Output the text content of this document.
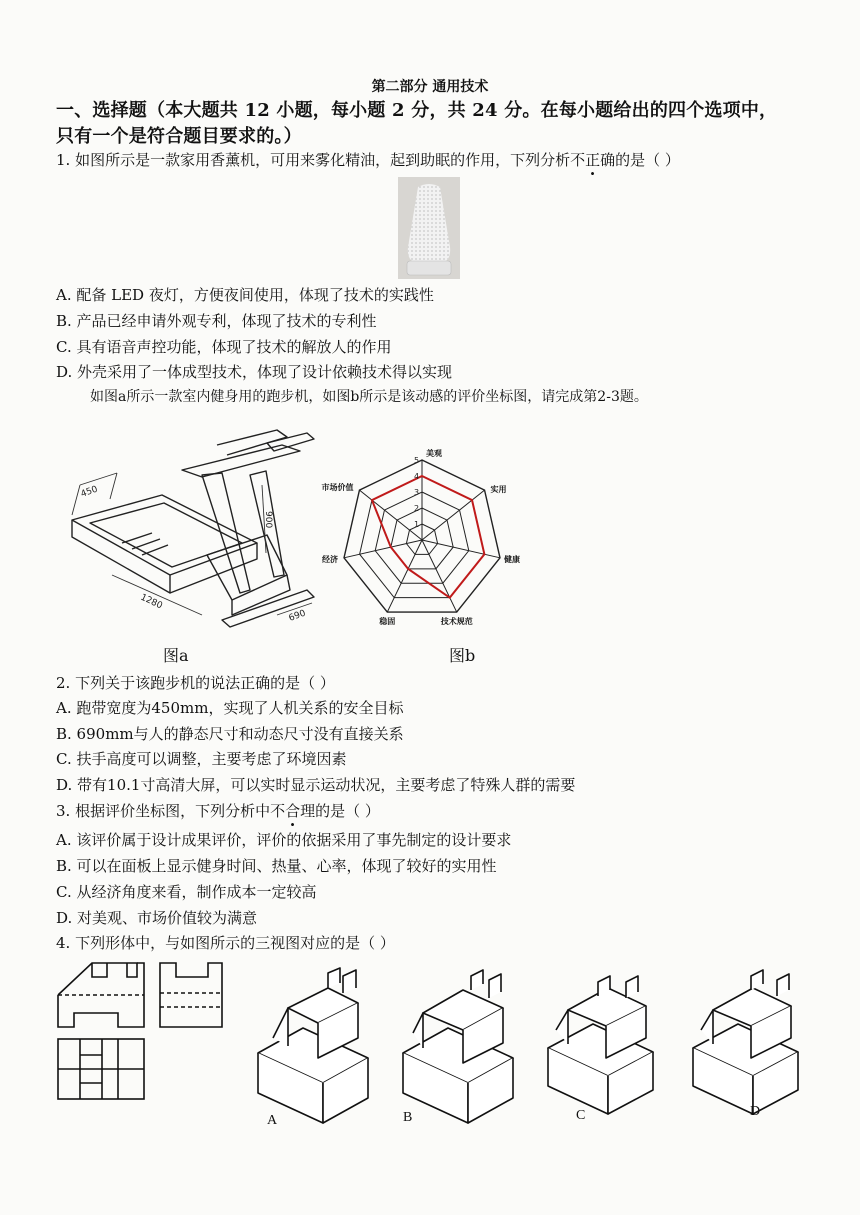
第二部分 通用技术
一、选择题（本大题共 12 小题，每小题 2 分，共 24 分。在每小题给出的四个选项中，
只有一个是符合题目要求的。）
1. 如图所示是一款家用香薰机，可用来雾化精油，起到助眠的作用，下列分析不正确的是（ ）
A. 配备 LED 夜灯，方便夜间使用，体现了技术的实践性
B. 产品已经申请外观专利，体现了技术的专利性
C. 具有语音声控功能，体现了技术的解放人的作用
D. 外壳采用了一体成型技术，体现了设计依赖技术得以实现
如图a所示一款室内健身用的跑步机，如图b所示是该动感的评价坐标图，请完成第2-3题。
450
900
1280
690
图a
1
2
3
4
5
美观
实用
健康
技术规范
稳固
经济
市场价值
图b
2. 下列关于该跑步机的说法正确的是（ ）
A. 跑带宽度为450mm，实现了人机关系的安全目标
B. 690mm与人的静态尺寸和动态尺寸没有直接关系
C. 扶手高度可以调整，主要考虑了环境因素
D. 带有10.1寸高清大屏，可以实时显示运动状况，主要考虑了特殊人群的需要
3. 根据评价坐标图，下列分析中不合理的是（ ）
A. 该评价属于设计成果评价，评价的依据采用了事先制定的设计要求
B. 可以在面板上显示健身时间、热量、心率，体现了较好的实用性
C. 从经济角度来看，制作成本一定较高
D. 对美观、市场价值较为满意
4. 下列形体中，与如图所示的三视图对应的是（ ）
A	B	C	D
